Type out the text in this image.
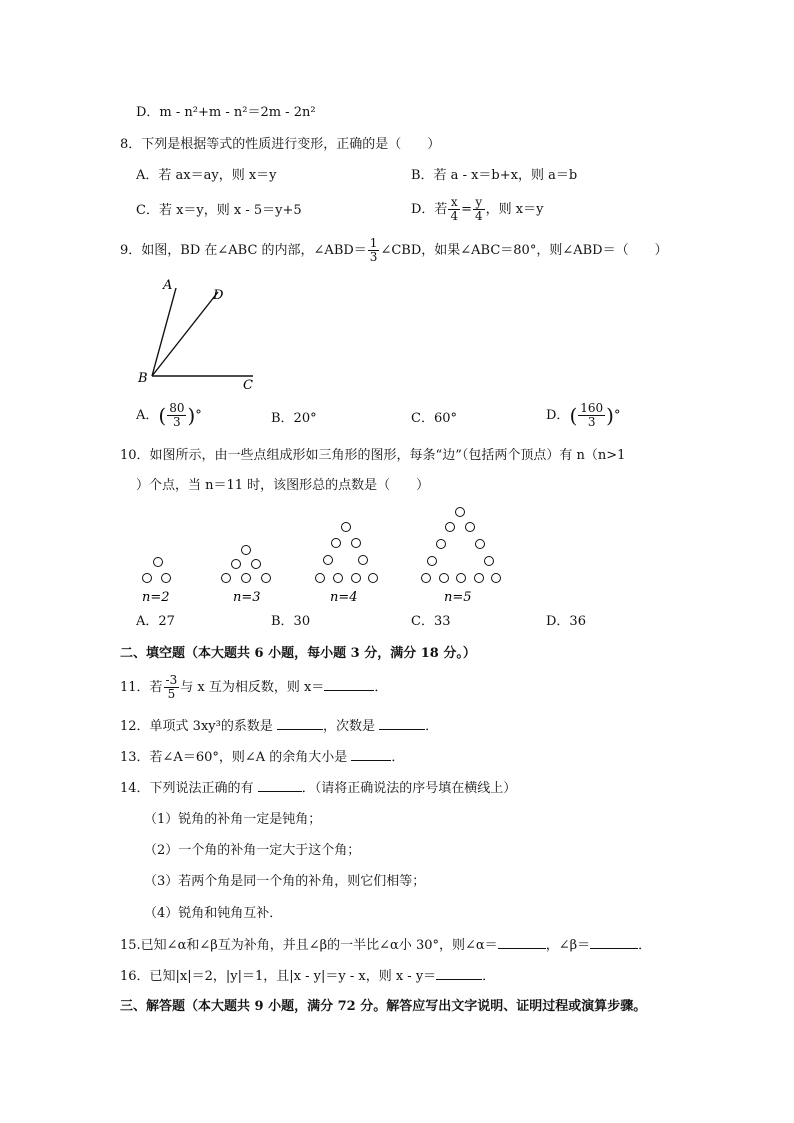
D．m - n²+m - n²＝2m - 2n²
8．下列是根据等式的性质进行变形，正确的是（　　）
A．若 ax＝ay，则 x＝y	B．若 a - x＝b+x，则 a＝b
C．若 x＝y，则 x - 5＝y+5	D．若 $\frac{x}{4} = \frac{y}{4}$ ，则 x＝y
9．如图，BD 在∠ABC 的内部，∠ABD＝ $\frac{1}{3}$ ∠CBD，如果∠ABC＝80°，则∠ABD＝（　　）
A
D
B	C
A．( $\frac{80}{3}$ )°	B．20°	C．60°	D．( $\frac{160}{3}$ )°
10．如图所示，由一些点组成形如三角形的图形，每条“边”（包括两个顶点）有 n（n>1
）个点，当 n＝11 时，该图形总的点数是（　　）
n=2	n=3	n=4	n=5
A．27	B．30	C．33	D．36
二、填空题（本大题共 6 小题，每小题 3 分，满分 18 分。）
11．若 $\frac{-3}{5}$ 与 x 互为相反数，则 x＝	．
12．单项式 3xy³的系数是	，次数是	．
13．若∠A＝60°，则∠A 的余角大小是	．
14．下列说法正确的有	．（请将正确说法的序号填在横线上）
（1）锐角的补角一定是钝角；
（2）一个角的补角一定大于这个角；
（3）若两个角是同一个角的补角，则它们相等；
（4）锐角和钝角互补．
15.已知∠α和∠β互为补角，并且∠β的一半比∠α小 30°，则∠α＝	，∠β＝	．
16．已知|x|＝2，|y|＝1，且|x - y|＝y - x，则 x - y＝	．
三、解答题（本大题共 9 小题，满分 72 分。解答应写出文字说明、证明过程或演算步骤。
